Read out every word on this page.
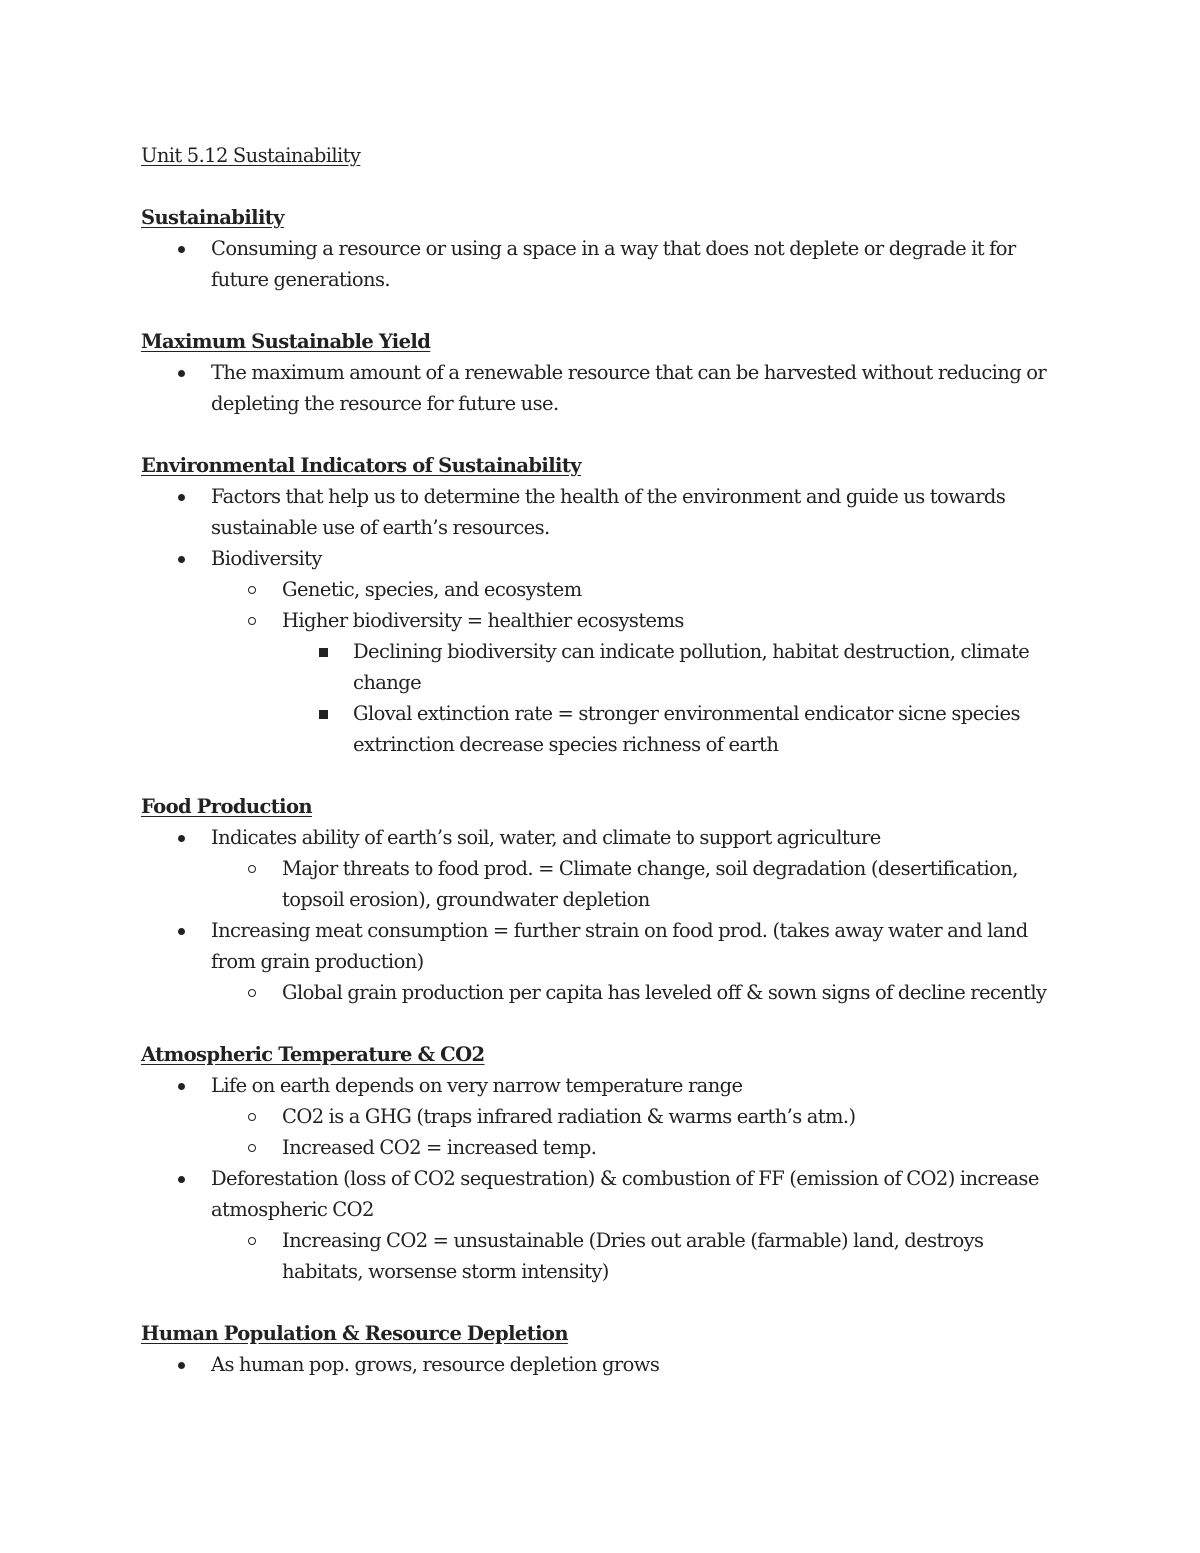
Unit 5.12 Sustainability

Sustainability

Consuming a resource or using a space in a way that does not deplete or degrade it for future generations.

Maximum Sustainable Yield

The maximum amount of a renewable resource that can be harvested without reducing or depleting the resource for future use.

Environmental Indicators of Sustainability

Factors that help us to determine the health of the environment and guide us towards sustainable use of earth’s resources.
Biodiversity
Genetic, species, and ecosystem
Higher biodiversity = healthier ecosystems
Declining biodiversity can indicate pollution, habitat destruction, climate change
Gloval extinction rate = stronger environmental endicator sicne species extrinction decrease species richness of earth

Food Production

Indicates ability of earth’s soil, water, and climate to support agriculture
Major threats to food prod. = Climate change, soil degradation (desertification, topsoil erosion), groundwater depletion
Increasing meat consumption = further strain on food prod. (takes away water and land from grain production)
Global grain production per capita has leveled off & sown signs of decline recently

Atmospheric Temperature & CO2

Life on earth depends on very narrow temperature range
CO2 is a GHG (traps infrared radiation & warms earth’s atm.)
Increased CO2 = increased temp.
Deforestation (loss of CO2 sequestration) & combustion of FF (emission of CO2) increase atmospheric CO2
Increasing CO2 = unsustainable (Dries out arable (farmable) land, destroys habitats, worsense storm intensity)

Human Population & Resource Depletion

As human pop. grows, resource depletion grows
